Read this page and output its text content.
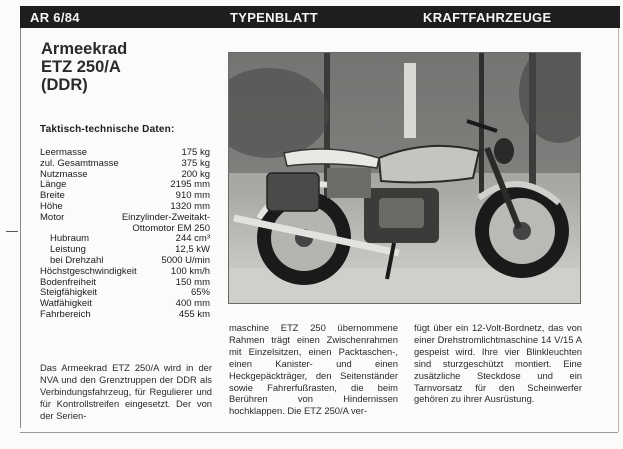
AR 6/84	TYPENBLATT	KRAFTFAHRZEUGE
Armeekrad
ETZ 250/A
(DDR)
Taktisch-technische Daten:
Leermasse	175 kg
zul. Gesamtmasse	375 kg
Nutzmasse	200 kg
Länge	2195 mm
Breite	910 mm
Höhe	1320 mm
Motor	Einzylinder-Zweitakt-Ottomotor EM 250
Hubraum	244 cm³
Leistung	12,5 kW
bei Drehzahl	5000 U/min
Höchstgeschwindigkeit	100 km/h
Bodenfreiheit	150 mm
Steigfähigkeit	65%
Watfähigkeit	400 mm
Fahrbereich	455 km
Das Armeekrad ETZ 250/A wird in der NVA und den Grenztruppen der DDR als Verbindungsfahrzeug, für Regulierer und für Kontrollstreifen eingesetzt. Der von der Serien-
maschine ETZ 250 übernommene Rahmen trägt einen Zwischenrahmen mit Einzelsitzen, einen Packtaschen-, einen Kanister- und einen Heckgepäckträger, den Seitenständer sowie Fahrerfußrasten, die beim Berühren von Hindernissen hochklappen. Die ETZ 250/A ver-
fügt über ein 12-Volt-Bordnetz, das von einer Drehstromlichtmaschine 14 V/15 A gespeist wird. Ihre vier Blinkleuchten sind sturzgeschützt montiert. Eine zusätzliche Steckdose und ein Tarnvorsatz für den Scheinwerfer gehören zu ihrer Ausrüstung.
